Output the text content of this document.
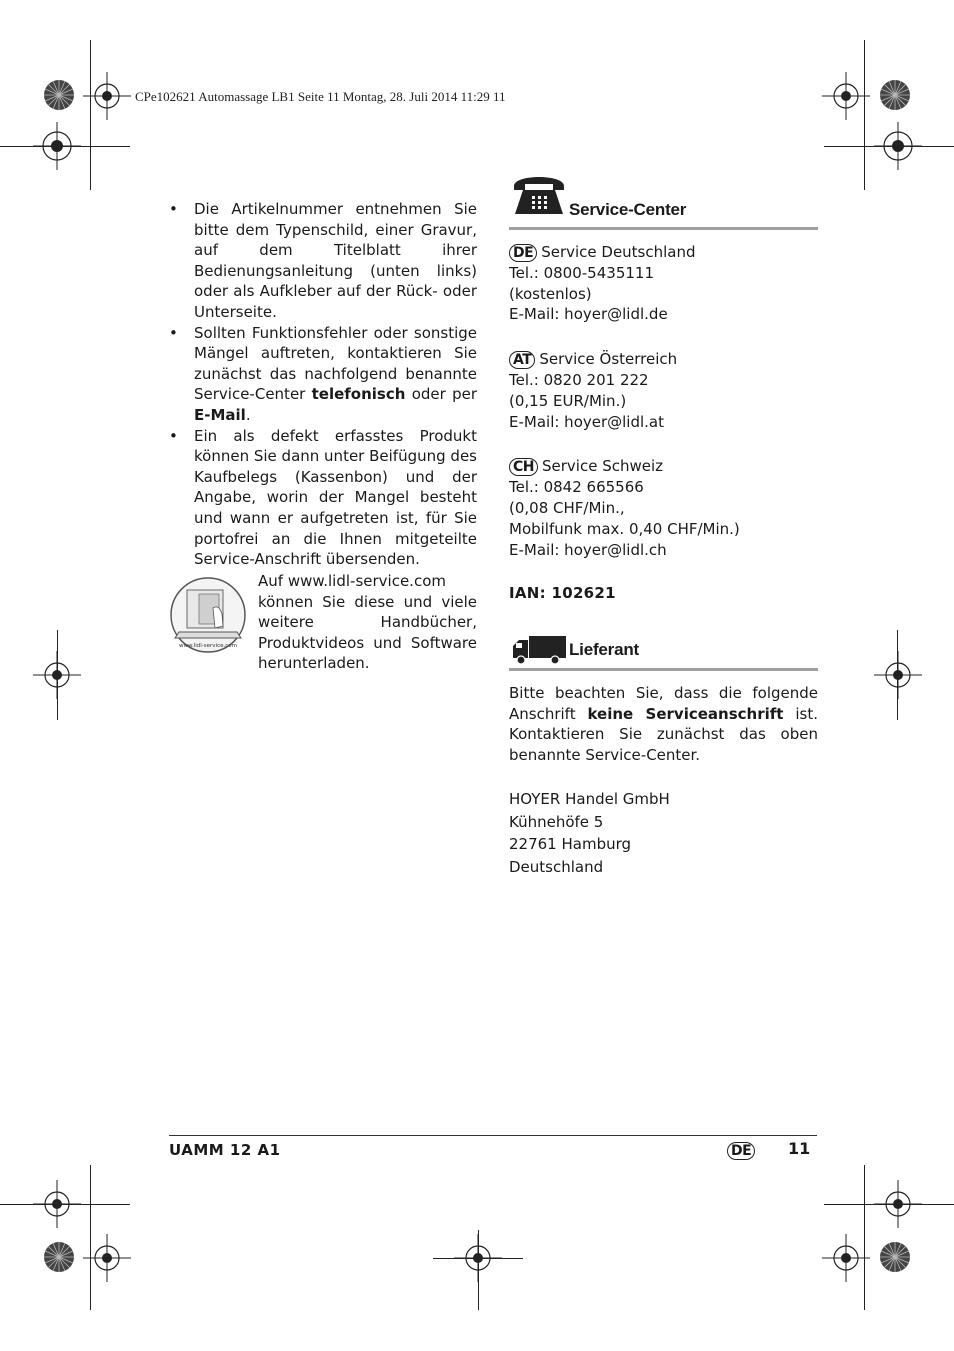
CPe102621 Automassage LB1 Seite 11 Montag, 28. Juli 2014 11:29 11

• Die Artikelnummer entnehmen Sie bitte dem Typenschild, einer Gravur, auf dem Titelblatt ihrer Bedienungsanleitung (unten links) oder als Aufkleber auf der Rück- oder Unterseite.

• Sollten Funktionsfehler oder sonstige Mängel auftreten, kontaktieren Sie zunächst das nachfolgend benannte Service-Center telefonisch oder per E-Mail.

• Ein als defekt erfasstes Produkt können Sie dann unter Beifügung des Kaufbelegs (Kassenbon) und der Angabe, worin der Mangel besteht und wann er aufgetreten ist, für Sie portofrei an die Ihnen mitgeteilte Service-Anschrift übersenden.

www.lidl-service.com
Auf www.lidl-service.com
können Sie diese und viele weitere Handbücher, Produktvideos und Software herunterladen.
Service-Center
DE Service Deutschland
Tel.: 0800-5435111
(kostenlos)
E-Mail: hoyer@lidl.de
AT Service Österreich
Tel.: 0820 201 222
(0,15 EUR/Min.)
E-Mail: hoyer@lidl.at
CH Service Schweiz
Tel.: 0842 665566
(0,08 CHF/Min.,
Mobilfunk max. 0,40 CHF/Min.)
E-Mail: hoyer@lidl.ch
IAN: 102621
Lieferant
Bitte beachten Sie, dass die folgende Anschrift keine Serviceanschrift ist. Kontaktieren Sie zunächst das oben benannte Service-Center.
HOYER Handel GmbH
Kühnehöfe 5
22761 Hamburg
Deutschland
UAMM 12 A1	DE 11
